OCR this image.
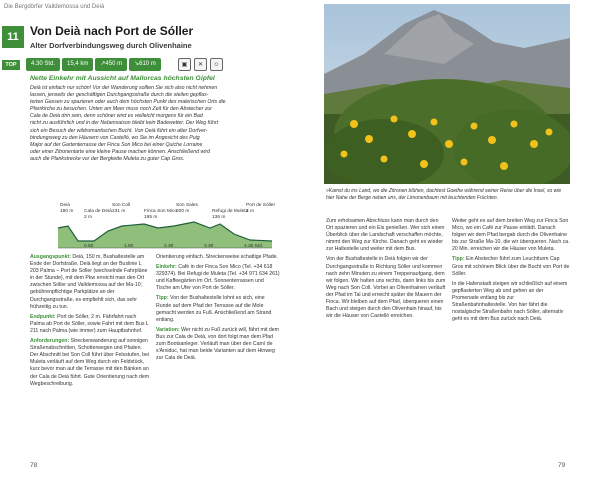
Die Bergdörfer Valldemossa und Deià
11 Von Deià nach Port de Sóller
Alter Dorfverbindungsweg durch Olivenhaine
TOP	4.30 Std.	15,4 km	↗450 m	↘610 m	▣	✕	☺
Nette Einkehr mit Aussicht auf Mallorcas höchsten Gipfel
Deià ist einfach nur schön! Vor der Wanderung sollten Sie sich also nicht nehmen
lassen, jenseits der geschäftigen Durchgangsstraße durch die steilen gepflas-
terten Gassen zu spazieren oder auch dem höchsten Punkt des malerischen Orts die
Pfarrkirche zu besuchen. Unten am Meer muss noch Zeit für den Abstecher zur
Cala de Deià drin sein, denn schöner wird es vielleicht morgens für ein Bad
nicht zu ausführlich und in der Nebensaison bleibt kein Badewetter. Der Weg führt
sich ein Besuch der wildromantischen Bucht. Von Deià führt ein alter Dorfver-
bindungsweg zu den Häusern von Castelló, wo Sie im Angesicht des Puig
Major auf der Gartenterrasse der Finca Son Mico bei einer Quiche Lorraine
oder einer Zitronentarte eine kleine Pause machen können. Anschließend wird
auch die Plankstrecke vor der Bergkette Muleta zu guter Cap Gros.
Deià
180 m Cala de Deià
2 m
Son Coll
231 m	Finca Son Mico
195 m
Son Sales
200 m	Refugi de Muleta
136 m
Port de Sóller
2 m
0.50	1.50	2.30	3.30	4.30 Std.

Ausgangspunkt: Deià, 150 m, Bushaltestelle am Ende der Dorfstraße. Deià liegt an der Buslinie L 203 Palma – Port de Sóller (wechselnde Fahrpläne in der Stunde), mit dem Pkw erreicht man den Ort zwischen Sóller und Valldemossa auf der Ma-10; gebührenpflichtige Parkplätze an der Durchgangsstraße, es empfiehlt sich, das sehr frühzeitig zu tun.

Endpunkt: Port de Sóller, 2 m. Fährfahrt nach Palma ab Port de Sóller, sowie Fahrt mit dem Bus L 211 nach Palma (wie immer) zum Hauptbahnhof.

Anforderungen: Streckenwanderung auf sonnigen Straßenabschnitten, Schotterwegen und Pfaden. Der Abschnitt bei Son Coll führt über Felsstufen, bei Muleta verläuft auf dem Weg durch ein Feldstück, kurz bevor man auf die Terrasse mit den Bänken an der Cala de Deià führt. Gute Orientierung nach dem Wegbeschreibung.

Orientierung einfach. Streckenweise schattige Pfade.

Einkehr: Cafè in der Finca Son Mico (Tel. +34 618 329374). Bei Refugi de Muleta (Tel. +34 971 634 261) und Kaffeegärten im Ort. Sonnenterrassen und Tische am Ufer von Port de Sóller.

Tipp: Von der Bushaltestelle lohnt es sich, eine Runde auf dem Pfad der Terrasse auf die Mole gemacht werden zu Fuß. Anschließend am Strand entlang.

Variation: Wer nicht zu Fuß zurück will, fährt mit dem Bus zur Cala de Deià, von dort folgt man dem Pfad zum Bootsanleger. Verläuft man über den Camí de s'Arxiduc, hat man beide Varianten auf dem Hinweg zur Cala de Deià.

»Kamst du ins Land, wo die Zitronen blühen, dachtest Goethe während seiner Reise über die Insel, so wie hier Nahe der Berge neben uns, der Limonenbaum mit leuchtenden Früchten.

Zum erholsamen Abschluss kann man durch den Ort spazieren und ein Eis genießen. Wer sich einen Überblick über die Landschaft verschaffen möchte, nimmt den Weg zur Kirche. Danach geht es wieder zur Haltestelle und weiter mit dem Bus.

Von der Bushaltestelle in Deià folgen wir der Durchgangsstraße in Richtung Sóller und kommen nach zehn Minuten zu einem Treppenaufgang, dem wir folgen. Wir halten uns rechts, dann links bis zum Weg nach Son Coll. Vorbei an Olivenhainen verläuft der Pfad im Tal und erreicht später die Mauern der Finca. Wir bleiben auf dem Pfad, überqueren einen Bach und steigen durch den Olivenhain hinauf, bis wir die Häuser von Castelló erreichen.

Weiter geht es auf dem breiten Weg zur Finca Son Mico, wo ein Café zur Pause einlädt. Danach folgen wir dem Pfad bergab durch die Olivenhaine bis zur Straße Ma-10, die wir überqueren. Nach ca. 20 Min. erreichen wir die Häuser von Muleta.

Tipp: Ein Abstecher führt zum Leuchtturm Cap Gros mit schönem Blick über die Bucht von Port de Sóller.

In die Hafenstadt steigen wir schließlich auf einem gepflasterten Weg ab und gehen an der Promenade entlang bis zur Straßenbahnhaltestelle. Von hier fährt die nostalgische Straßenbahn nach Sóller, alternativ geht es mit dem Bus zurück nach Deià.

78	79
